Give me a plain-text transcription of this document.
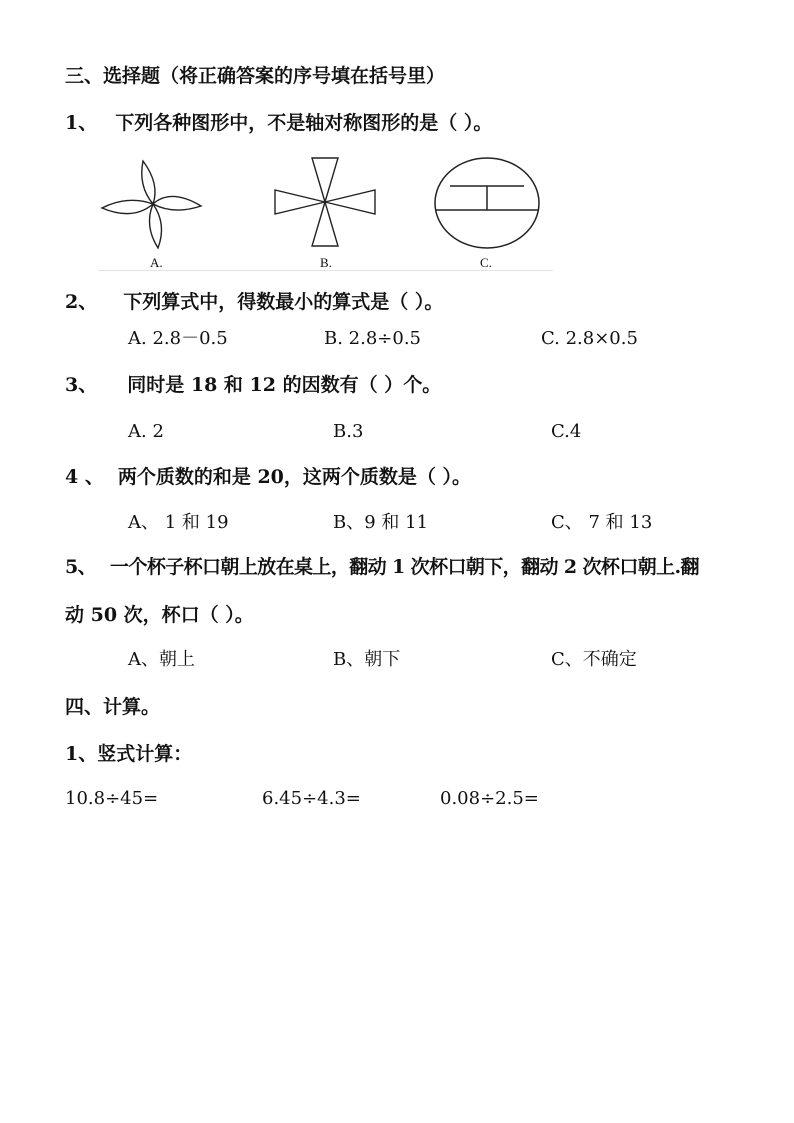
三、选择题（将正确答案的序号填在括号里）
1、 下列各种图形中，不是轴对称图形的是（ ）。
A.	B.	C.
2、 下列算式中，得数最小的算式是（ ）。
A. 2.8－0.5	B. 2.8÷0.5	C. 2.8×0.5
3、 同时是 18 和 12 的因数有（ ）个。
A. 2	B.3	C.4
4 、 两个质数的和是 20，这两个质数是（ ）。
A、 1 和 19	B、9 和 11	C、 7 和 13
5、 一个杯子杯口朝上放在桌上，翻动 1 次杯口朝下，翻动 2 次杯口朝上.翻
动 50 次，杯口（ ）。
A、朝上	B、朝下	C、不确定
四、计算。
1、竖式计算：
10.8÷45=	6.45÷4.3=	0.08÷2.5=
